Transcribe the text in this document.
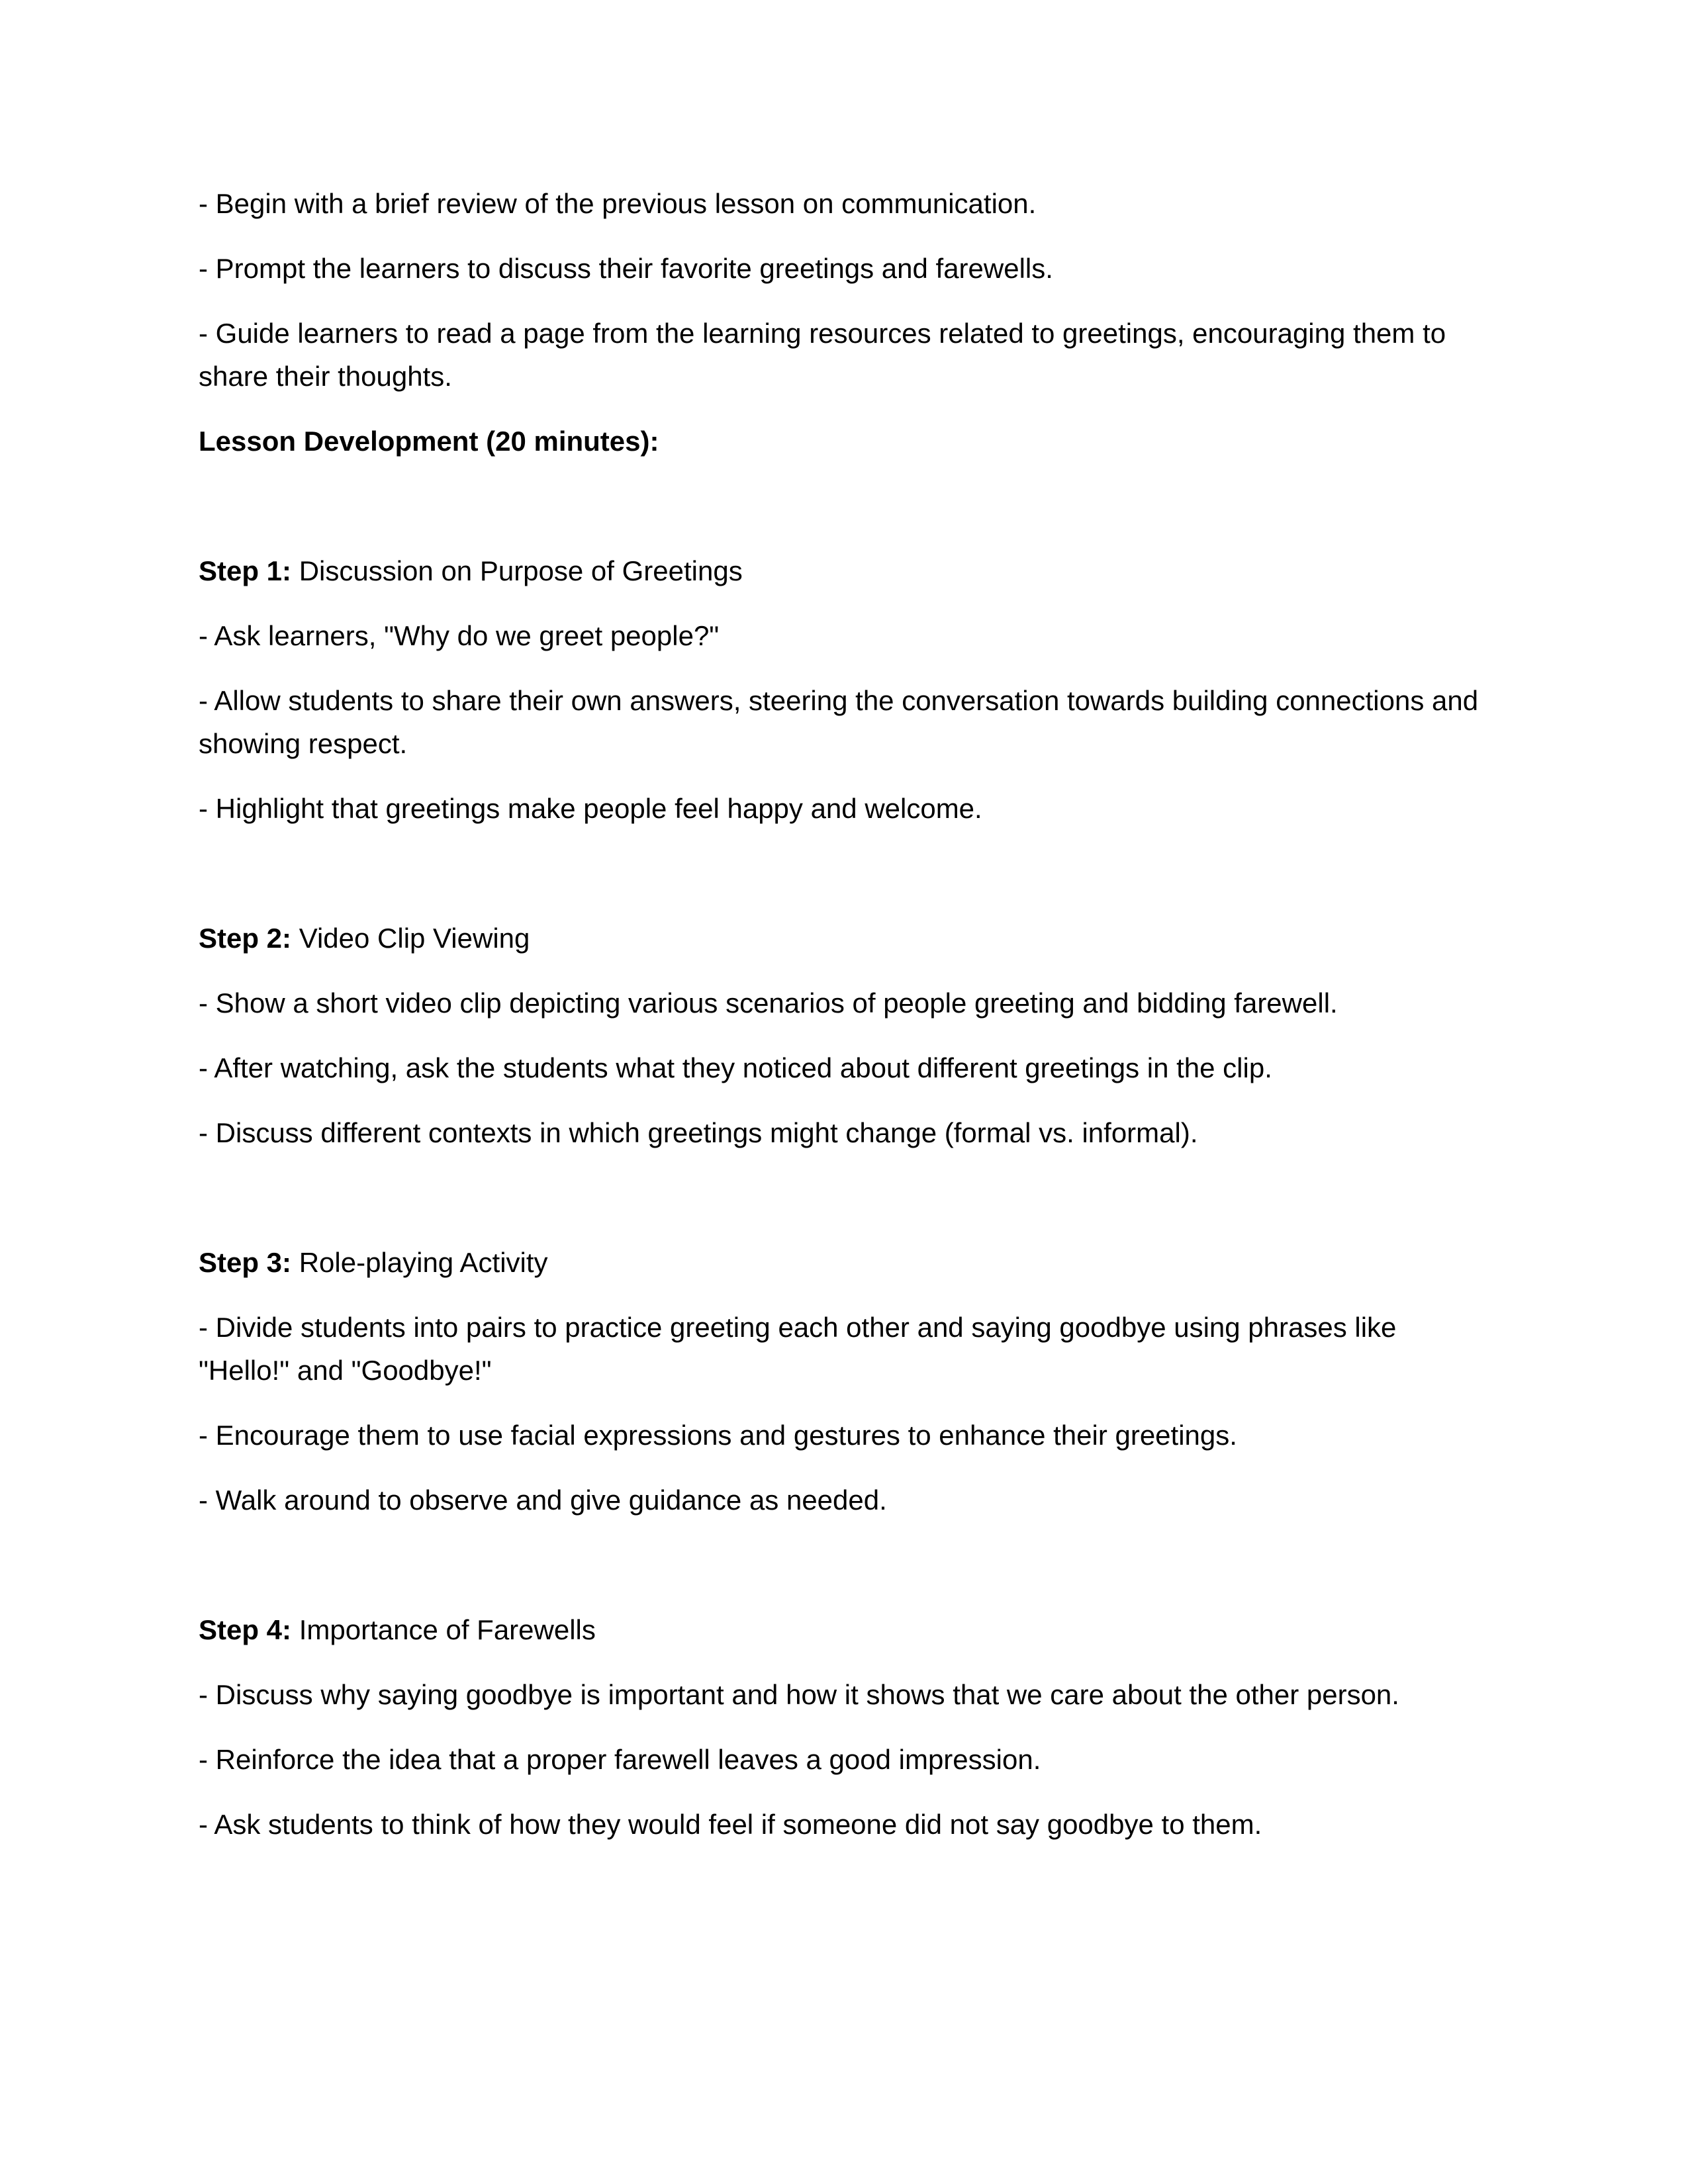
- Begin with a brief review of the previous lesson on communication.

- Prompt the learners to discuss their favorite greetings and farewells.

- Guide learners to read a page from the learning resources related to greetings, encouraging them to share their thoughts.

Lesson Development (20 minutes):

Step 1: Discussion on Purpose of Greetings

- Ask learners, "Why do we greet people?"

- Allow students to share their own answers, steering the conversation towards building connections and showing respect.

- Highlight that greetings make people feel happy and welcome.

Step 2: Video Clip Viewing

- Show a short video clip depicting various scenarios of people greeting and bidding farewell.

- After watching, ask the students what they noticed about different greetings in the clip.

- Discuss different contexts in which greetings might change (formal vs. informal).

Step 3: Role-playing Activity

- Divide students into pairs to practice greeting each other and saying goodbye using phrases like "Hello!" and "Goodbye!"

- Encourage them to use facial expressions and gestures to enhance their greetings.

- Walk around to observe and give guidance as needed.

Step 4: Importance of Farewells

- Discuss why saying goodbye is important and how it shows that we care about the other person.

- Reinforce the idea that a proper farewell leaves a good impression.

- Ask students to think of how they would feel if someone did not say goodbye to them.
